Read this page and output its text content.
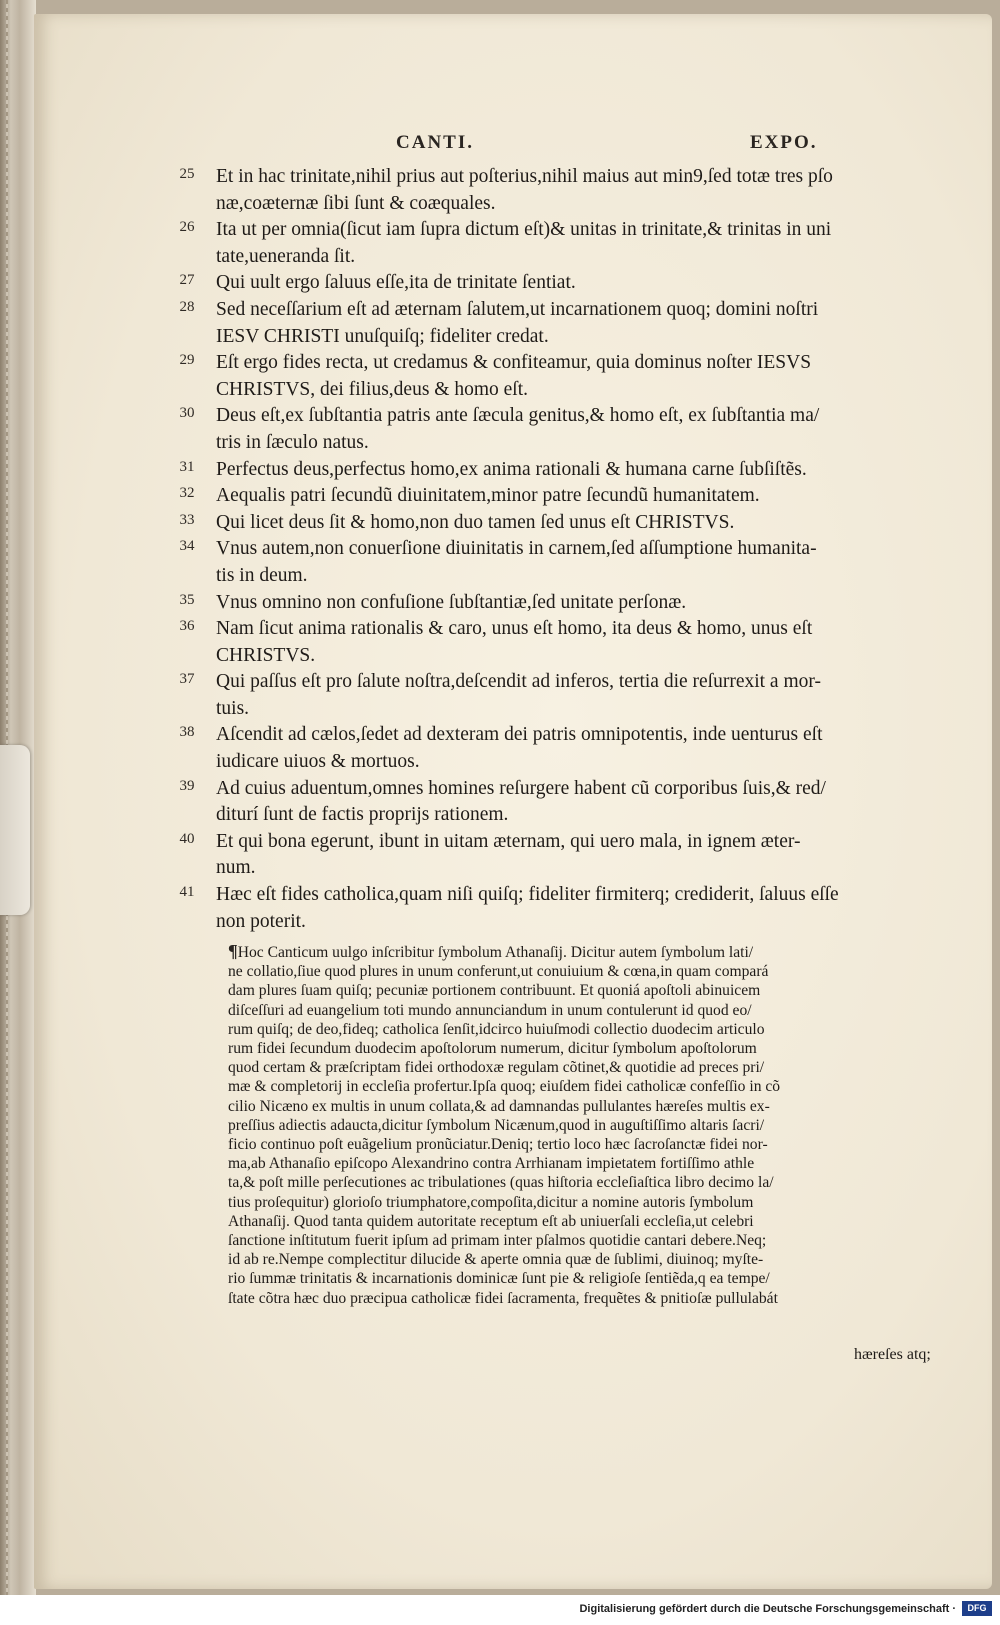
CANTI.	EXPO.
25	Et in hac trinitate,nihil prius aut poſterius,nihil maius aut min9,ſed totæ tres pſo
næ,coæternæ ſibi ſunt & coæquales.
26	Ita ut per omnia(ſicut iam ſupra dictum eſt)& unitas in trinitate,& trinitas in uni
tate,ueneranda ſit.
27	Qui uult ergo ſaluus eſſe,ita de trinitate ſentiat.
28	Sed neceſſarium eſt ad æternam ſalutem,ut incarnationem quoq; domini noſtri
IESV CHRISTI unuſquiſq; fideliter credat.
29	Eſt ergo fides recta, ut credamus & confiteamur, quia dominus noſter IESVS
CHRISTVS, dei filius,deus & homo eſt.
30	Deus eſt,ex ſubſtantia patris ante ſæcula genitus,& homo eſt, ex ſubſtantia ma/
tris in ſæculo natus.
31	Perfectus deus,perfectus homo,ex anima rationali & humana carne ſubſiſtẽs.
32	Aequalis patri ſecundũ diuinitatem,minor patre ſecundũ humanitatem.
33	Qui licet deus ſit & homo,non duo tamen ſed unus eſt CHRISTVS.
34	Vnus autem,non conuerſione diuinitatis in carnem,ſed aſſumptione humanita-
tis in deum.
35	Vnus omnino non confuſione ſubſtantiæ,ſed unitate perſonæ.
36	Nam ſicut anima rationalis & caro, unus eſt homo, ita deus & homo, unus eſt
CHRISTVS.
37	Qui paſſus eſt pro ſalute noſtra,deſcendit ad inferos, tertia die reſurrexit a mor-
tuis.
38	Aſcendit ad cælos,ſedet ad dexteram dei patris omnipotentis, inde uenturus eſt
iudicare uiuos & mortuos.
39	Ad cuius aduentum,omnes homines reſurgere habent cũ corporibus ſuis,& red/
diturí ſunt de factis proprijs rationem.
40	Et qui bona egerunt, ibunt in uitam æternam, qui uero mala, in ignem æter-
num.
41	Hæc eſt fides catholica,quam niſi quiſq; fideliter firmiterq; crediderit, ſaluus eſſe
non poterit.
¶Hoc Canticum uulgo inſcribitur ſymbolum Athanaſij. Dicitur autem ſymbolum lati/
ne collatio,ſiue quod plures in unum conferunt,ut conuiuium & cœna,in quam compará
dam plures ſuam quiſq; pecuniæ portionem contribuunt. Et quoniá apoſtoli abinuicem
diſceſſuri ad euangelium toti mundo annunciandum in unum contulerunt id quod eo/
rum quiſq; de deo,fideq; catholica ſenſit,idcirco huiuſmodi collectio duodecim articulo
rum fidei ſecundum duodecim apoſtolorum numerum, dicitur ſymbolum apoſtolorum
quod certam & præſcriptam fidei orthodoxæ regulam cõtinet,& quotidie ad preces pri/
mæ & completorij in eccleſia profertur.Ipſa quoq; eiuſdem fidei catholicæ confeſſio in cõ
cilio Nicæno ex multis in unum collata,& ad damnandas pullulantes hæreſes multis ex-
preſſius adiectis adaucta,dicitur ſymbolum Nicænum,quod in auguſtiſſimo altaris ſacri/
ficio continuo poſt euãgelium pronũciatur.Deniq; tertio loco hæc ſacroſanctæ fidei nor-
ma,ab Athanaſio epiſcopo Alexandrino contra Arrhianam impietatem fortiſſimo athle
ta,& poſt mille perſecutiones ac tribulationes (quas hiſtoria eccleſiaſtica libro decimo la/
tius proſequitur) glorioſo triumphatore,compoſita,dicitur a nomine autoris ſymbolum
Athanaſij. Quod tanta quidem autoritate receptum eſt ab uniuerſali eccleſia,ut celebri
ſanctione inſtitutum fuerit ipſum ad primam inter pſalmos quotidie cantari debere.Neq;
id ab re.Nempe complectitur dilucide & aperte omnia quæ de ſublimi, diuinoq; myſte-
rio ſummæ trinitatis & incarnationis dominicæ ſunt pie & religioſe ſentiẽda,q ea tempe/
ſtate cõtra hæc duo præcipua catholicæ fidei ſacramenta, frequẽtes & pnitioſæ pullulabát
hæreſes atq;
Digitalisierung gefördert durch die Deutsche Forschungsgemeinschaft ·	DFG
